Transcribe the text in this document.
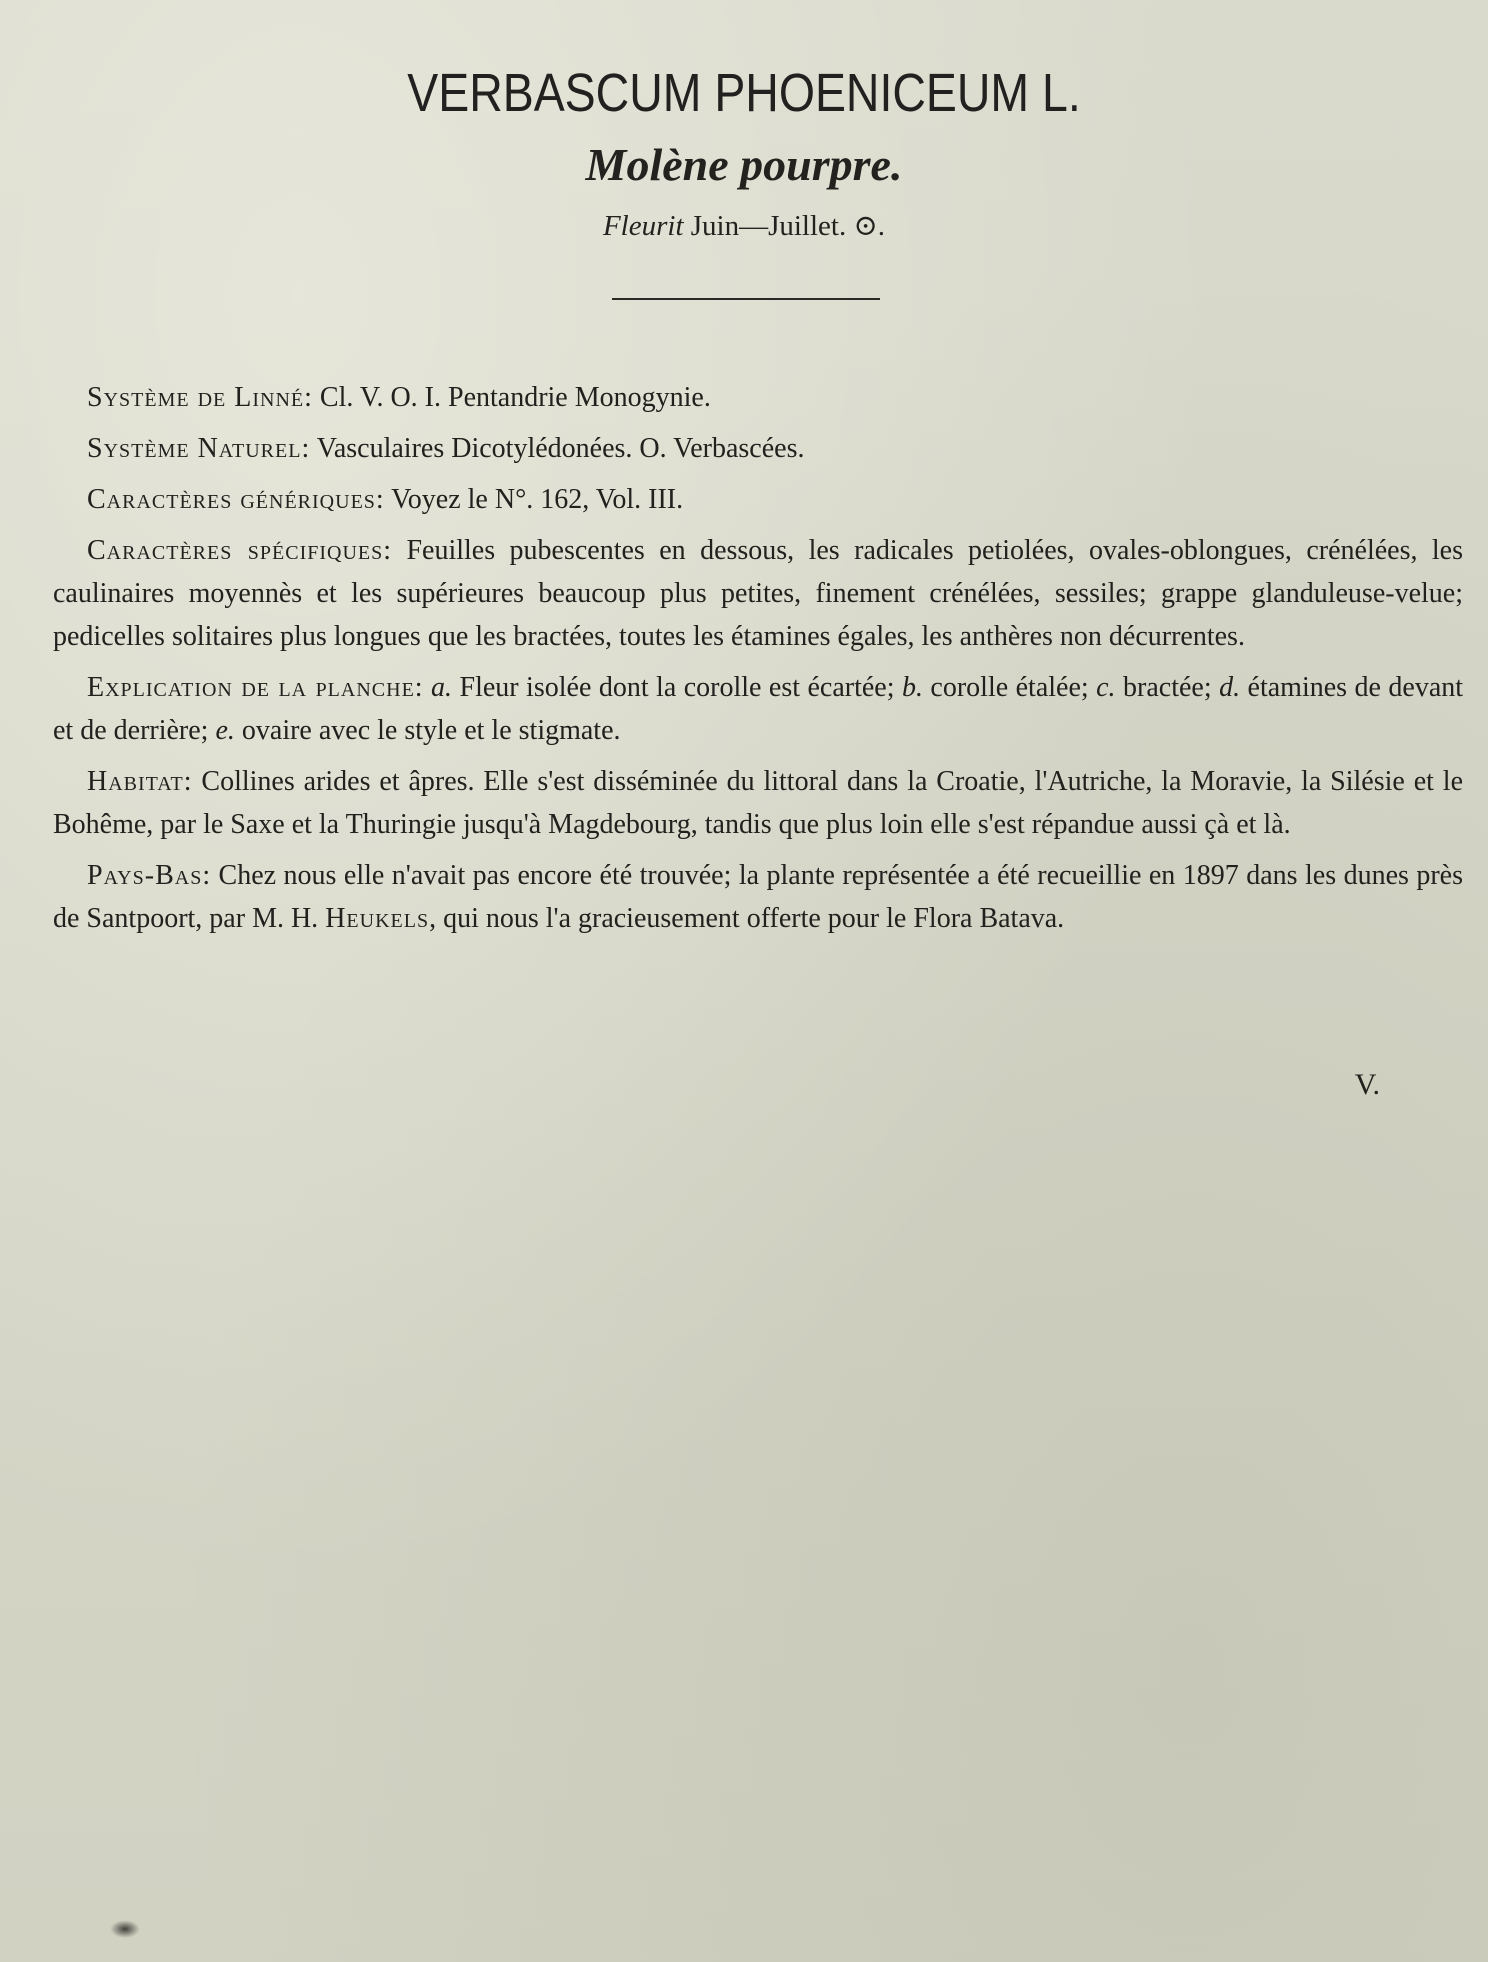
VERBASCUM PHOENICEUM L.
Molène pourpre.
Fleurit Juin—Juillet. ⊙.

Système de Linné: Cl. V. O. I. Pentandrie Monogynie.

Système Naturel: Vasculaires Dicotylédonées. O. Verbascées.

Caractères génériques: Voyez le N°. 162, Vol. III.

Caractères spécifiques: Feuilles pubescentes en dessous, les radicales petiolées, ovales-oblongues, crénélées, les caulinaires moyennès et les supérieures beaucoup plus petites, finement crénélées, sessiles; grappe glanduleuse-velue; pedicelles solitaires plus longues que les bractées, toutes les étamines égales, les anthères non décurrentes.

Explication de la planche: a. Fleur isolée dont la corolle est écartée; b. corolle étalée; c. bractée; d. étamines de devant et de derrière; e. ovaire avec le style et le stigmate.

Habitat: Collines arides et âpres. Elle s'est disséminée du littoral dans la Croatie, l'Autriche, la Moravie, la Silésie et le Bohême, par le Saxe et la Thuringie jusqu'à Magdebourg, tandis que plus loin elle s'est répandue aussi çà et là.

Pays-Bas: Chez nous elle n'avait pas encore été trouvée; la plante représentée a été recueillie en 1897 dans les dunes près de Santpoort, par M. H. Heukels, qui nous l'a gracieusement offerte pour le Flora Batava.

V.
